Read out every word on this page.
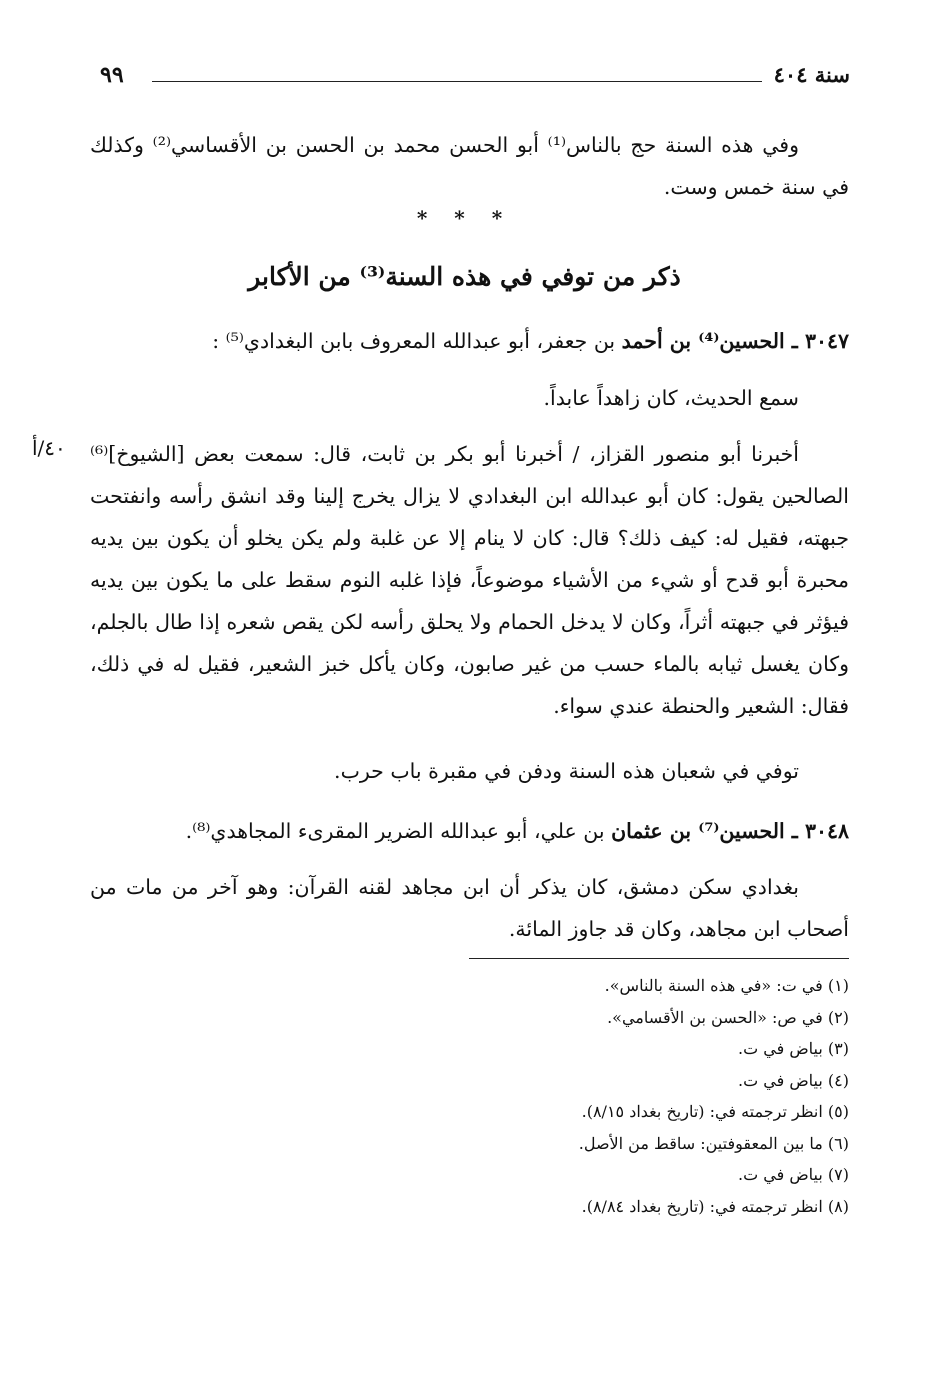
سنة ٤٠٤
٩٩
وفي هذه السنة حج بالناس⁽¹⁾ أبو الحسن محمد بن الحسن بن الأقساسي⁽²⁾ وكذلك في سنة خمس وست.
* * *
ذكر من توفي في هذه السنة⁽³⁾ من الأكابر
٣٠٤٧ ـ الحسين⁽⁴⁾ بن أحمد بن جعفر، أبو عبدالله المعروف بابن البغدادي⁽⁵⁾ :
سمع الحديث، كان زاهداً عابداً.
٤٠/أ أخبرنا أبو منصور القزاز، / أخبرنا أبو بكر بن ثابت، قال: سمعت بعض [الشيوخ]⁽⁶⁾ الصالحين يقول: كان أبو عبدالله ابن البغدادي لا يزال يخرج إلينا وقد انشق رأسه وانفتحت جبهته، فقيل له: كيف ذلك؟ قال: كان لا ينام إلا عن غلبة ولم يكن يخلو أن يكون بين يديه محبرة أبو قدح أو شيء من الأشياء موضوعاً، فإذا غلبه النوم سقط على ما يكون بين يديه فيؤثر في جبهته أثراً، وكان لا يدخل الحمام ولا يحلق رأسه لكن يقص شعره إذا طال بالجلم، وكان يغسل ثيابه بالماء حسب من غير صابون، وكان يأكل خبز الشعير، فقيل له في ذلك، فقال: الشعير والحنطة عندي سواء.
توفي في شعبان هذه السنة ودفن في مقبرة باب حرب.
٣٠٤٨ ـ الحسين⁽⁷⁾ بن عثمان بن علي، أبو عبدالله الضرير المقرىء المجاهدي⁽⁸⁾.
بغدادي سكن دمشق، كان يذكر أن ابن مجاهد لقنه القرآن: وهو آخر من مات من أصحاب ابن مجاهد، وكان قد جاوز المائة.
(١) في ت: «في هذه السنة بالناس».
(٢) في ص: «الحسن بن الأقسامي».
(٣) بياض في ت.
(٤) بياض في ت.
(٥) انظر ترجمته في: (تاريخ بغداد ٨/١٥).
(٦) ما بين المعقوفتين: ساقط من الأصل.
(٧) بياض في ت.
(٨) انظر ترجمته في: (تاريخ بغداد ٨/٨٤).
